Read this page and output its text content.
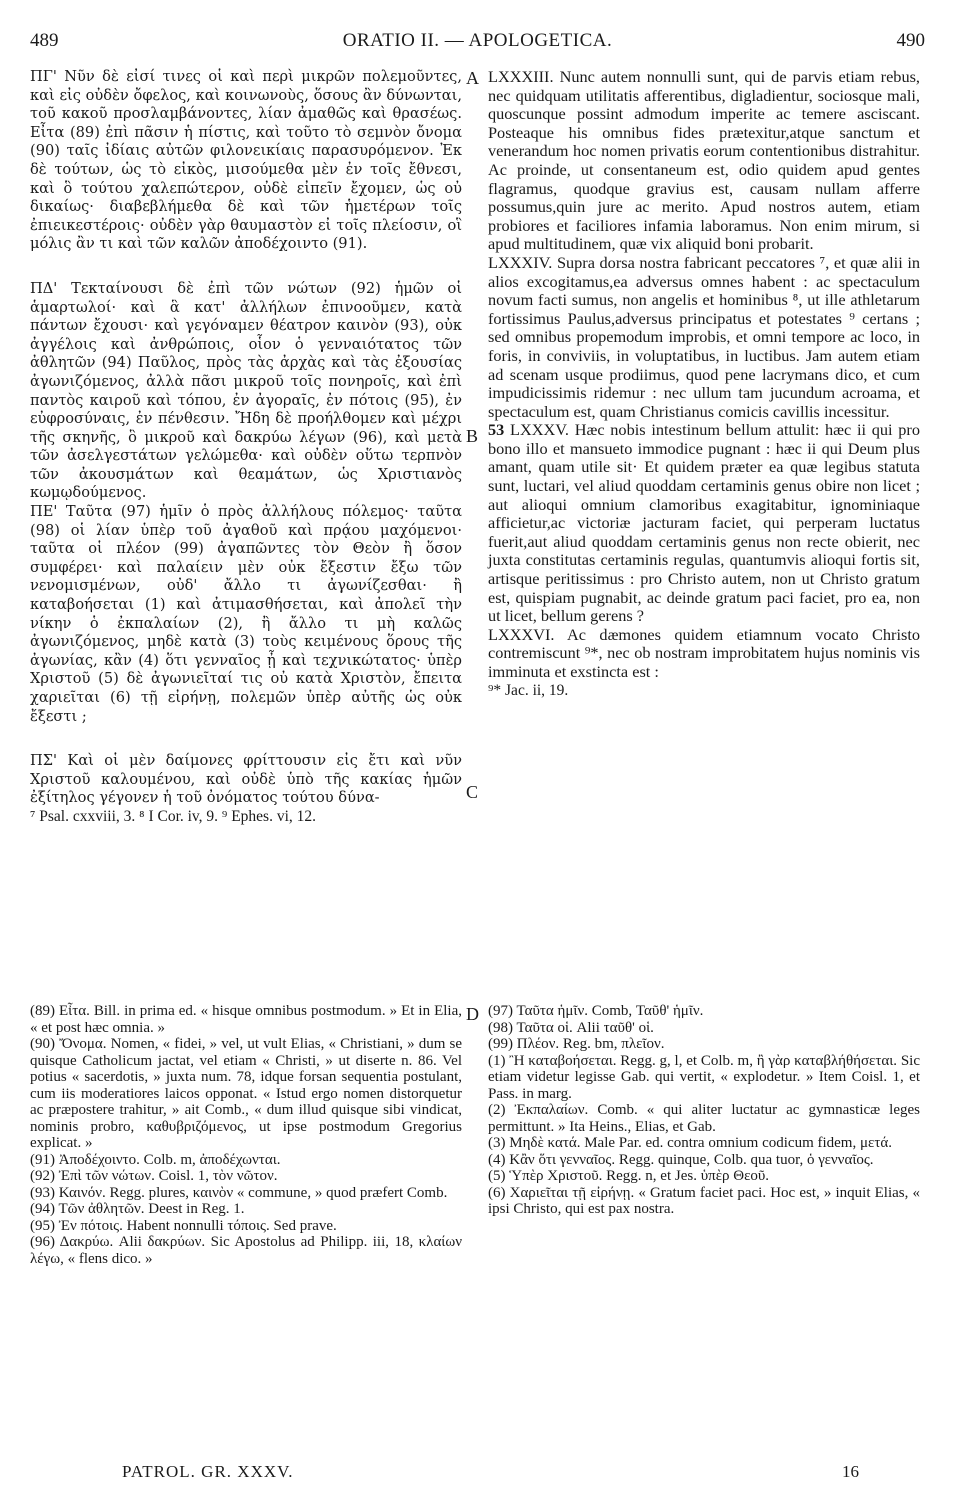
489	ORATIO II. — APOLOGETICA.	490

ΠΓ' Νῦν δὲ εἰσί τινες οἱ καὶ περὶ μικρῶν πολεμοῦντες, καὶ εἰς οὐδὲν ὄφελος, καὶ κοινωνοὺς, ὅσους ἂν δύνωνται, τοῦ κακοῦ προσλαμβάνοντες, λίαν ἀμαθῶς καὶ θρασέως. Εἶτα (89) ἐπὶ πᾶσιν ἡ πίστις, καὶ τοῦτο τὸ σεμνὸν ὄνομα (90) ταῖς ἰδίαις αὐτῶν φιλονεικίαις παρασυρόμενον. Ἐκ δὲ τούτων, ὡς τὸ εἰκὸς, μισούμεθα μὲν ἐν τοῖς ἔθνεσι, καὶ ὃ τούτου χαλεπώτερον, οὐδὲ εἰπεῖν ἔχομεν, ὡς οὐ δικαίως· διαβεβλήμεθα δὲ καὶ τῶν ἡμετέρων τοῖς ἐπιεικεστέροις· οὐδὲν γὰρ θαυμαστὸν εἰ τοῖς πλείοσιν, οἳ μόλις ἂν τι καὶ τῶν καλῶν ἀποδέχοιντο (91).

ΠΔ' Τεκταίνουσι δὲ ἐπὶ τῶν νώτων (92) ἡμῶν οἱ ἁμαρτωλοί· καὶ ἃ κατ' ἀλλήλων ἐπινοοῦμεν, κατὰ πάντων ἔχουσι· καὶ γεγόναμεν θέατρον καινὸν (93), οὐκ ἀγγέλοις καὶ ἀνθρώποις, οἷον ὁ γενναιότατος τῶν ἀθλητῶν (94) Παῦλος, πρὸς τὰς ἀρχὰς καὶ τὰς ἐξουσίας ἀγωνιζόμενος, ἀλλὰ πᾶσι μικροῦ τοῖς πονηροῖς, καὶ ἐπὶ παντὸς καιροῦ καὶ τόπου, ἐν ἀγοραῖς, ἐν πότοις (95), ἐν εὐφροσύναις, ἐν πένθεσιν. Ἤδη δὲ προήλθομεν καὶ μέχρι τῆς σκηνῆς, ὃ μικροῦ καὶ δακρύω λέγων (96), καὶ μετὰ τῶν ἀσελγεστάτων γελώμεθα· καὶ οὐδὲν οὕτω τερπνὸν τῶν ἀκουσμάτων καὶ θεαμάτων, ὡς Χριστιανὸς κωμῳδούμενος.

ΠΕ' Ταῦτα (97) ἡμῖν ὁ πρὸς ἀλλήλους πόλεμος· ταῦτα (98) οἱ λίαν ὑπὲρ τοῦ ἀγαθοῦ καὶ πρᾴου μαχόμενοι· ταῦτα οἱ πλέον (99) ἀγαπῶντες τὸν Θεὸν ἢ ὅσον συμφέρει· καὶ παλαίειν μὲν οὐκ ἔξεστιν ἔξω τῶν νενομισμένων, οὐδ' ἄλλο τι ἀγωνίζεσθαι· ἢ καταβοήσεται (1) καὶ ἀτιμασθήσεται, καὶ ἀπολεῖ τὴν νίκην ὁ ἐκπαλαίων (2), ἢ ἄλλο τι μὴ καλῶς ἀγωνιζόμενος, μηδὲ κατὰ (3) τοὺς κειμένους ὅρους τῆς ἀγωνίας, κἂν (4) ὅτι γενναῖος ᾖ καὶ τεχνικώτατος· ὑπὲρ Χριστοῦ (5) δὲ ἀγωνιεῖταί τις οὐ κατὰ Χριστὸν, ἔπειτα χαριεῖται (6) τῇ εἰρήνῃ, πολεμῶν ὑπὲρ αὐτῆς ὡς οὐκ ἔξεστι ;

ΠΣ' Καὶ οἱ μὲν δαίμονες φρίττουσιν εἰς ἔτι καὶ νῦν Χριστοῦ καλουμένου, καὶ οὐδὲ ὑπὸ τῆς κακίας ἡμῶν ἐξίτηλος γέγονεν ἡ τοῦ ὀνόματος τούτου δύνα-

⁷ Psal. cxxviii, 3. ⁸ I Cor. iv, 9. ⁹ Ephes. vi, 12.
A
B
C
D

LXXXIII. Nunc autem nonnulli sunt, qui de parvis etiam rebus, nec quidquam utilitatis afferentibus, digladientur, sociosque mali, quoscunque possint admodum imperite ac temere asciscant. Posteaque his omnibus fides prætexitur,atque sanctum et venerandum hoc nomen privatis eorum contentionibus distrahitur. Ac proinde, ut consentaneum est, odio quidem apud gentes flagramus, quodque gravius est, causam nullam afferre possumus,quin jure ac merito. Apud nostros autem, etiam probiores et faciliores infamia laboramus. Non enim mirum, si apud multitudinem, quæ vix aliquid boni probarit.

LXXXIV. Supra dorsa nostra fabricant peccatores ⁷, et quæ alii in alios excogitamus,ea adversus omnes habent : ac spectaculum novum facti sumus, non angelis et hominibus ⁸, ut ille athletarum fortissimus Paulus,adversus principatus et potestates ⁹ certans ; sed omnibus propemodum improbis, et omni tempore ac loco, in foris, in conviviis, in voluptatibus, in luctibus. Jam autem etiam ad scenam usque prodiimus, quod pene lacrymans dico, et cum impudicissimis ridemur : nec ullum tam jucundum acroama, et spectaculum est, quam Christianus comicis cavillis incessitur.

53 LXXXV. Hæc nobis intestinum bellum attulit: hæc ii qui pro bono illo et mansueto immodice pugnant : hæc ii qui Deum plus amant, quam utile sit· Et quidem præter ea quæ legibus statuta sunt, luctari, vel aliud quoddam certaminis genus obire non licet ; aut alioqui omnium clamoribus exagitabitur, ignominiaque afficietur,ac victoriæ jacturam faciet, qui perperam luctatus fuerit,aut aliud quoddam certaminis genus non recte obierit, nec juxta constitutas certaminis regulas, quantumvis alioqui fortis sit, artisque peritissimus : pro Christo autem, non ut Christo gratum est, quispiam pugnabit, ac deinde gratum paci faciet, pro ea, non ut licet, bellum gerens ?

LXXXVI. Ac dæmones quidem etiamnum vocato Christo contremiscunt ⁹*, nec ob nostram improbitatem hujus nominis vis imminuta et exstincta est :

⁹* Jac. ii, 19.

(89) Εἶτα. Bill. in prima ed. « hisque omnibus postmodum. » Et in Elia, « et post hæc omnia. »

(90) Ὄνομα. Nomen, « fidei, » vel, ut vult Elias, « Christiani, » dum se quisque Catholicum jactat, vel etiam « Christi, » ut diserte n. 86. Vel potius « sacerdotis, » juxta num. 78, idque forsan sequentia postulant, cum iis moderatiores laicos opponat. « Istud ergo nomen distorquetur ac præpostere trahitur, » ait Comb., « dum illud quisque sibi vindicat, nominis probro, καθυβριζόμενος, ut ipse postmodum Gregorius explicat. »

(91) Ἀποδέχοιντο. Colb. m, ἀποδέχωνται.

(92) Ἐπὶ τῶν νώτων. Coisl. 1, τὸν νῶτον.

(93) Καινόν. Regg. plures, καινὸν « commune, » quod præfert Comb.

(94) Τῶν ἀθλητῶν. Deest in Reg. 1.

(95) Ἐν πότοις. Habent nonnulli τόποις. Sed prave.

(96) Δακρύω. Alii δακρύων. Sic Apostolus ad Philipp. iii, 18, κλαίων λέγω, « flens dico. »

(97) Ταῦτα ἡμῖν. Comb, Ταῦθ' ἡμῖν.

(98) Ταῦτα οἱ. Alii ταῦθ' οἱ.

(99) Πλέον. Reg. bm, πλεῖον.

(1) Ἢ καταβοήσεται. Regg. g, l, et Colb. m, ἢ γὰρ καταβλήθήσεται. Sic etiam videtur legisse Gab. qui vertit, « explodetur. » Item Coisl. 1, et Pass. in marg.

(2) Ἐκπαλαίων. Comb. « qui aliter luctatur ac gymnasticæ leges permittunt. » Ita Heins., Elias, et Gab.

(3) Μηδὲ κατά. Male Par. ed. contra omnium codicum fidem, μετά.

(4) Κἂν ὅτι γενναῖος. Regg. quinque, Colb. qua tuor, ὁ γενναῖος.

(5) Ὑπὲρ Χριστοῦ. Regg. n, et Jes. ὑπὲρ Θεοῦ.

(6) Χαριεῖται τῇ εἰρήνῃ. « Gratum faciet paci. Hoc est, » inquit Elias, « ipsi Christo, qui est pax nostra.

PATROL. GR. XXXV.	16
